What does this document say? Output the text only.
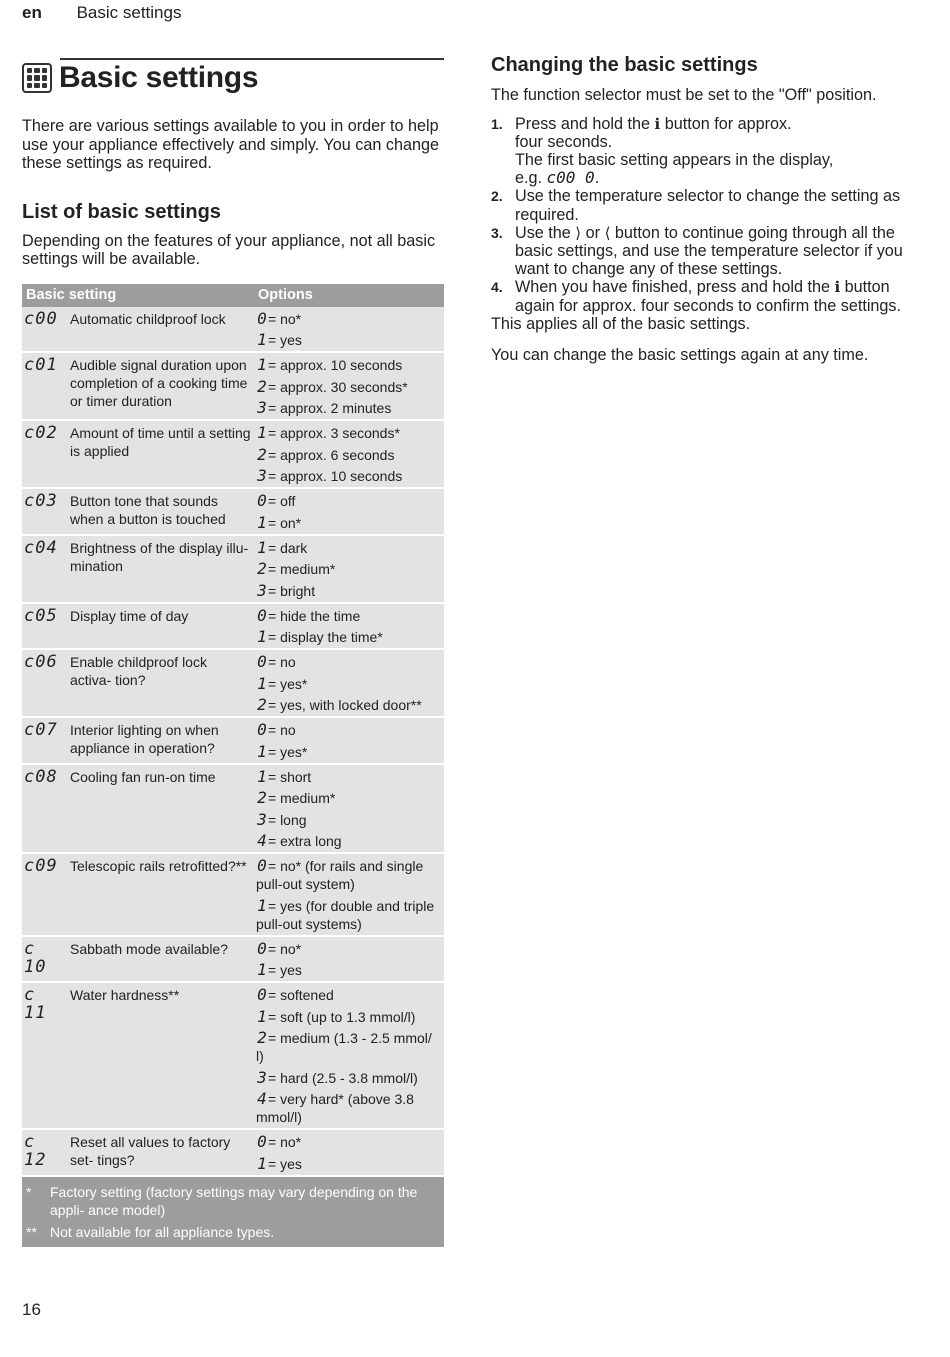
en Basic settings
Basic settings

There are various settings available to you in order to help use your appliance effectively and simply. You can change these settings as required.

List of basic settings

Depending on the features of your appliance, not all basic settings will be available.

Basic setting		Options
c00	Automatic childproof lock	0= no*
1= yes

c01	Audible signal duration upon completion of a cooking time or timer duration	1= approx. 10 seconds
2= approx. 30 seconds*
3= approx. 2 minutes

c02	Amount of time until a setting is applied	1= approx. 3 seconds*
2= approx. 6 seconds
3= approx. 10 seconds

c03	Button tone that sounds when a button is touched	0= off
1= on*

c04	Brightness of the display illu- mination	1= dark
2= medium*
3= bright

c05	Display time of day	0= hide the time
1= display the time*

c06	Enable childproof lock activa- tion?	0= no
1= yes*
2= yes, with locked door**

c07	Interior lighting on when appliance in operation?	0= no
1= yes*

c08	Cooling fan run-on time	1= short
2= medium*
3= long
4= extra long

c09	Telescopic rails retrofitted?**	0= no* (for rails and single pull-out system)
1= yes (for double and triple pull-out systems)

c 10	Sabbath mode available?	0= no*
1= yes

c 11	Water hardness**	0= softened
1= soft (up to 1.3 mmol/l)
2= medium (1.3 - 2.5 mmol/ l)
3= hard (2.5 - 3.8 mmol/l)
4= very hard* (above 3.8 mmol/l)

c 12	Reset all values to factory set- tings?	0= no*
1= yes

* Factory setting (factory settings may vary depending on the appli- ance model)
** Not available for all appliance types.		
Changing the basic settings

The function selector must be set to the "Off" position.

1. Press and hold the ℹ button for approx.
four seconds.
The first basic setting appears in the display,
e.g. c00 0.
2. Use the temperature selector to change the setting as required.
3. Use the ⟩ or ⟨ button to continue going through all the basic settings, and use the temperature selector if you want to change any of these settings.
4. When you have finished, press and hold the ℹ button again for approx. four seconds to confirm the settings.

This applies all of the basic settings.

You can change the basic settings again at any time.

16
